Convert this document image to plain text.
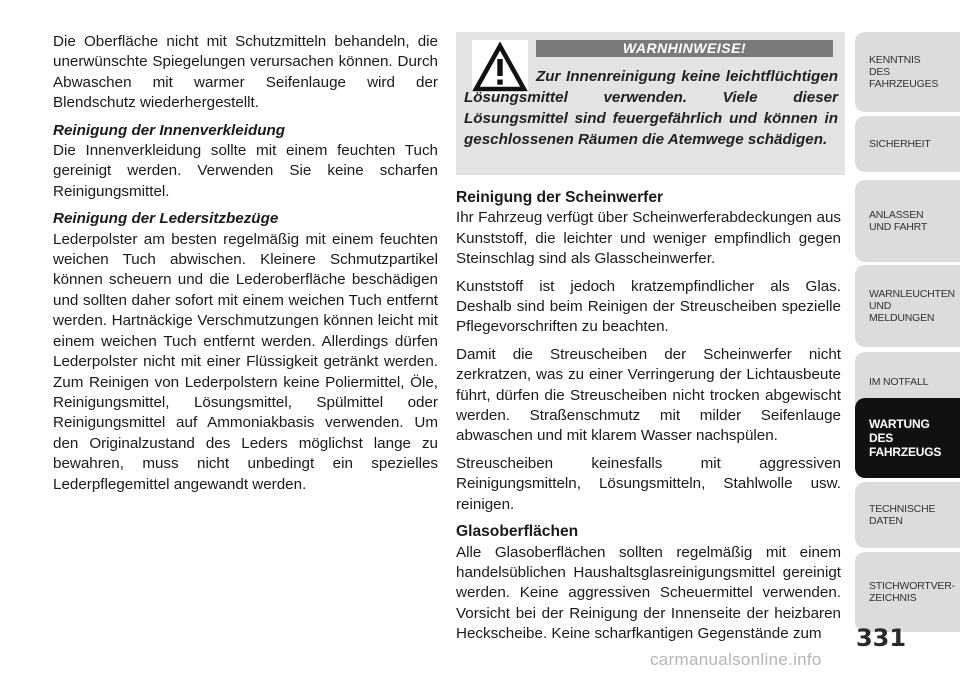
Die Oberfläche nicht mit Schutzmitteln behandeln, die unerwünschte Spiegelungen verursachen können. Durch Abwaschen mit warmer Seifenlauge wird der Blendschutz wiederhergestellt.

Reinigung der Innenverkleidung

Die Innenverkleidung sollte mit einem feuchten Tuch gereinigt werden. Verwenden Sie keine scharfen Reinigungsmittel.

Reinigung der Ledersitzbezüge

Lederpolster am besten regelmäßig mit einem feuchten weichen Tuch abwischen. Kleinere Schmutzpartikel können scheuern und die Lederoberfläche beschädigen und sollten daher sofort mit einem weichen Tuch entfernt werden. Hartnäckige Verschmutzungen können leicht mit einem weichen Tuch entfernt werden. Allerdings dürfen Lederpolster nicht mit einer Flüssigkeit getränkt werden. Zum Reinigen von Lederpolstern keine Poliermittel, Öle, Reinigungsmittel, Lösungsmittel, Spülmittel oder Reinigungsmittel auf Ammoniakbasis verwenden. Um den Originalzustand des Leders möglichst lange zu bewahren, muss nicht unbedingt ein spezielles Lederpflegemittel angewandt werden.

WARNHINWEISE!
Zur Innenreinigung keine leichtflüchtigen Lösungsmittel verwenden. Viele dieser Lösungsmittel sind feuergefährlich und können in geschlossenen Räumen die Atemwege schädigen.
Reinigung der Scheinwerfer

Ihr Fahrzeug verfügt über Scheinwerferabdeckungen aus Kunststoff, die leichter und weniger empfindlich gegen Steinschlag sind als Glasscheinwerfer.

Kunststoff ist jedoch kratzempfindlicher als Glas. Deshalb sind beim Reinigen der Streuscheiben spezielle Pflegevorschriften zu beachten.

Damit die Streuscheiben der Scheinwerfer nicht zerkratzen, was zu einer Verringerung der Lichtausbeute führt, dürfen die Streuscheiben nicht trocken abgewischt werden. Straßenschmutz mit milder Seifenlauge abwaschen und mit klarem Wasser nachspülen.

Streuscheiben keinesfalls mit aggressiven Reinigungsmitteln, Lösungsmitteln, Stahlwolle usw. reinigen.

Glasoberflächen

Alle Glasoberflächen sollten regelmäßig mit einem handelsüblichen Haushaltsglasreinigungsmittel gereinigt werden. Keine aggressiven Scheuermittel verwenden. Vorsicht bei der Reinigung der Innenseite der heizbaren Heckscheibe. Keine scharfkantigen Gegenstände zum

KENNTNIS
DES
FAHRZEUGES
SICHERHEIT
ANLASSEN
UND FAHRT
WARNLEUCHTEN
UND
MELDUNGEN
IM NOTFALL
WARTUNG
DES
FAHRZEUGS
TECHNISCHE
DATEN
STICHWORTVER-
ZEICHNIS
331
carmanualsonline.info
